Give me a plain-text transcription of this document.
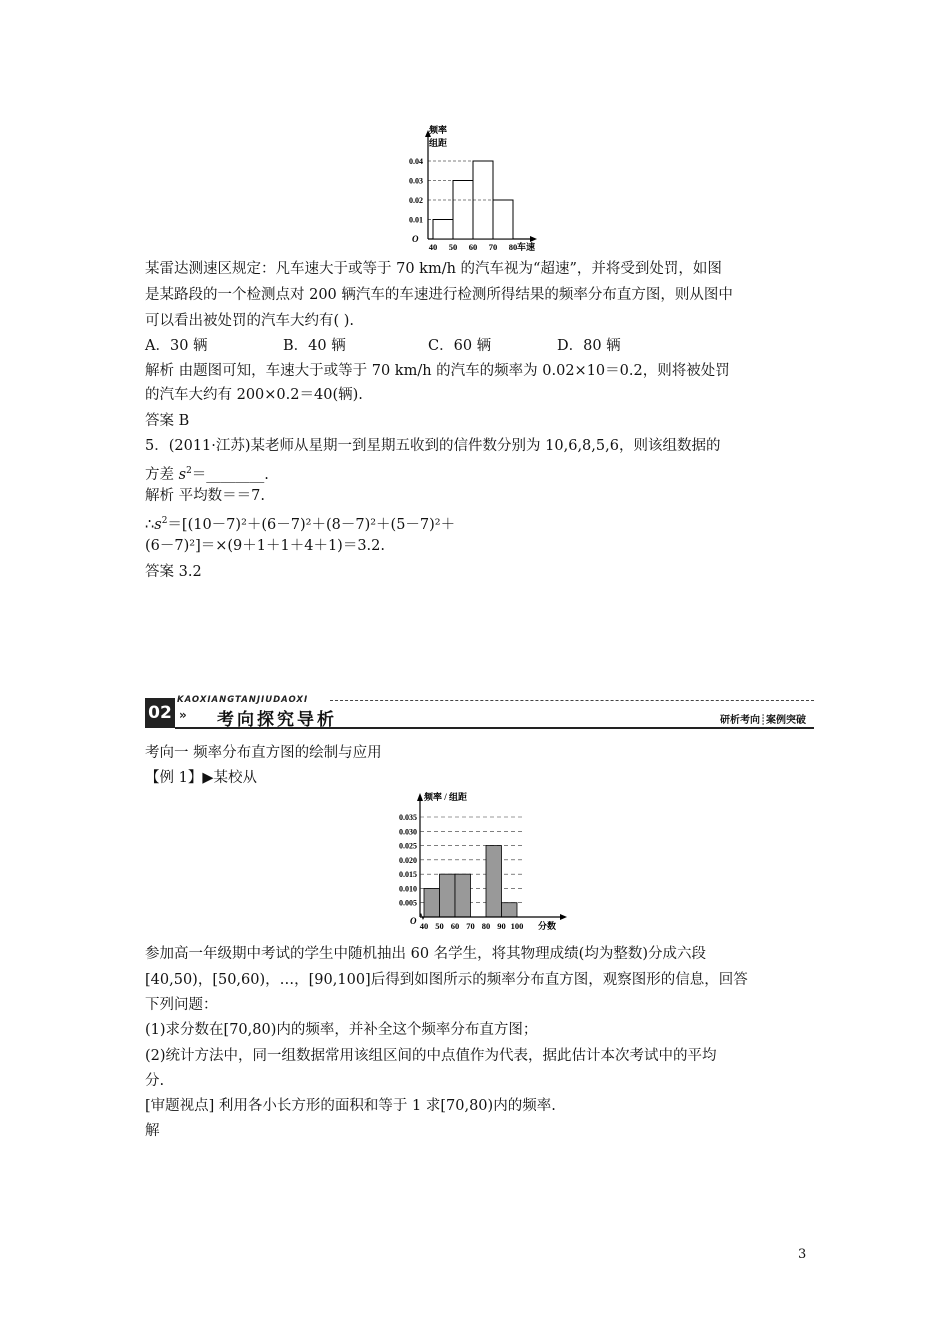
频率
组距
O
0.04
0.03
0.02
0.01
40 50 60 70 80 车速
某雷达测速区规定：凡车速大于或等于 70 km/h 的汽车视为“超速”，并将受到处罚，如图
是某路段的一个检测点对 200 辆汽车的车速进行检测所得结果的频率分布直方图，则从图中
可以看出被处罚的汽车大约有( ).
A．30 辆	B．40 辆	C．60 辆	D．80 辆
解析 由题图可知，车速大于或等于 70 km/h 的汽车的频率为 0.02×10＝0.2，则将被处罚
的汽车大约有 200×0.2＝40(辆).
答案 B
5．(2011·江苏)某老师从星期一到星期五收到的信件数分别为 10,6,8,5,6，则该组数据的
方差 $s^2=\_\_\_\_\_\_\_\_$.
解析 平均数＝＝7.
$\therefore s^2=[(10-7)^2+(6-7)^2+(8-7)^2+(5-7)^2+$
(6－7)²]＝×(9＋1＋1＋4＋1)＝3.2.
答案 3.2
02
KAOXIANGTANJIUDAOXI
» 考向探究导析	研析考向┊案例突破
考向一 频率分布直方图的绘制与应用
【例 1】▶某校从
频率 / 组距
0.035
0.030
0.025
0.020
0.015
0.010
0.005
O 40 50 60 70 80 90 100 分数
参加高一年级期中考试的学生中随机抽出 60 名学生，将其物理成绩(均为整数)分成六段
[40,50)，[50,60)，…，[90,100]后得到如图所示的频率分布直方图，观察图形的信息，回答
下列问题：
(1)求分数在[70,80)内的频率，并补全这个频率分布直方图；
(2)统计方法中，同一组数据常用该组区间的中点值作为代表，据此估计本次考试中的平均
分.
[审题视点] 利用各小长方形的面积和等于 1 求[70,80)内的频率.
解
3
